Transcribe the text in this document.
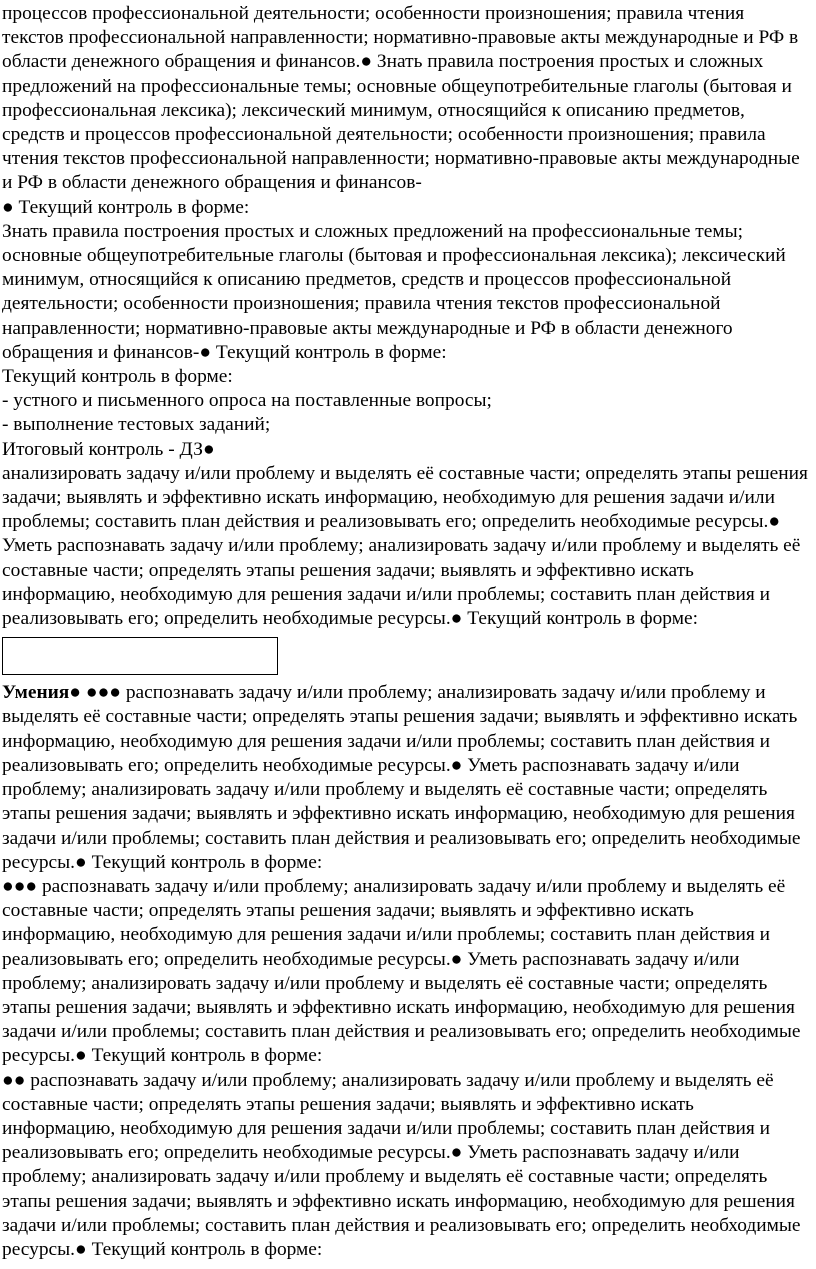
процессов профессиональной деятельности; особенности произношения; правила чтения текстов профессиональной направленности; нормативно-правовые акты международные и РФ в области денежного обращения и финансов.● Знать правила построения простых и сложных предложений на профессиональные темы; основные общеупотребительные глаголы (бытовая и профессиональная лексика); лексический минимум, относящийся к описанию предметов, средств и процессов профессиональной деятельности; особенности произношения; правила чтения текстов профессиональной направленности; нормативно-правовые акты международные и РФ в области денежного обращения и финансов-

● Текущий контроль в форме:

Знать правила построения простых и сложных предложений на профессиональные темы; основные общеупотребительные глаголы (бытовая и профессиональная лексика); лексический минимум, относящийся к описанию предметов, средств и процессов профессиональной деятельности; особенности произношения; правила чтения текстов профессиональной направленности; нормативно-правовые акты международные и РФ в области денежного обращения и финансов-● Текущий контроль в форме:

Текущий контроль в форме:

- устного и письменного опроса на поставленные вопросы;

- выполнение тестовых заданий;

Итоговый контроль - ДЗ●

анализировать задачу и/или проблему и выделять её составные части; определять этапы решения задачи; выявлять и эффективно искать информацию, необходимую для решения задачи и/или проблемы; составить план действия и реализовывать его; определить необходимые ресурсы.● Уметь распознавать задачу и/или проблему; анализировать задачу и/или проблему и выделять её составные части; определять этапы решения задачи; выявлять и эффективно искать информацию, необходимую для решения задачи и/или проблемы; составить план действия и реализовывать его; определить необходимые ресурсы.● Текущий контроль в форме:

Умения● ●●● распознавать задачу и/или проблему; анализировать задачу и/или проблему и выделять её составные части; определять этапы решения задачи; выявлять и эффективно искать информацию, необходимую для решения задачи и/или проблемы; составить план действия и реализовывать его; определить необходимые ресурсы.● Уметь распознавать задачу и/или проблему; анализировать задачу и/или проблему и выделять её составные части; определять этапы решения задачи; выявлять и эффективно искать информацию, необходимую для решения задачи и/или проблемы; составить план действия и реализовывать его; определить необходимые ресурсы.● Текущий контроль в форме:

●●● распознавать задачу и/или проблему; анализировать задачу и/или проблему и выделять её составные части; определять этапы решения задачи; выявлять и эффективно искать информацию, необходимую для решения задачи и/или проблемы; составить план действия и реализовывать его; определить необходимые ресурсы.● Уметь распознавать задачу и/или проблему; анализировать задачу и/или проблему и выделять её составные части; определять этапы решения задачи; выявлять и эффективно искать информацию, необходимую для решения задачи и/или проблемы; составить план действия и реализовывать его; определить необходимые ресурсы.● Текущий контроль в форме:

●● распознавать задачу и/или проблему; анализировать задачу и/или проблему и выделять её составные части; определять этапы решения задачи; выявлять и эффективно искать информацию, необходимую для решения задачи и/или проблемы; составить план действия и реализовывать его; определить необходимые ресурсы.● Уметь распознавать задачу и/или проблему; анализировать задачу и/или проблему и выделять её составные части; определять этапы решения задачи; выявлять и эффективно искать информацию, необходимую для решения задачи и/или проблемы; составить план действия и реализовывать его; определить необходимые ресурсы.● Текущий контроль в форме:
